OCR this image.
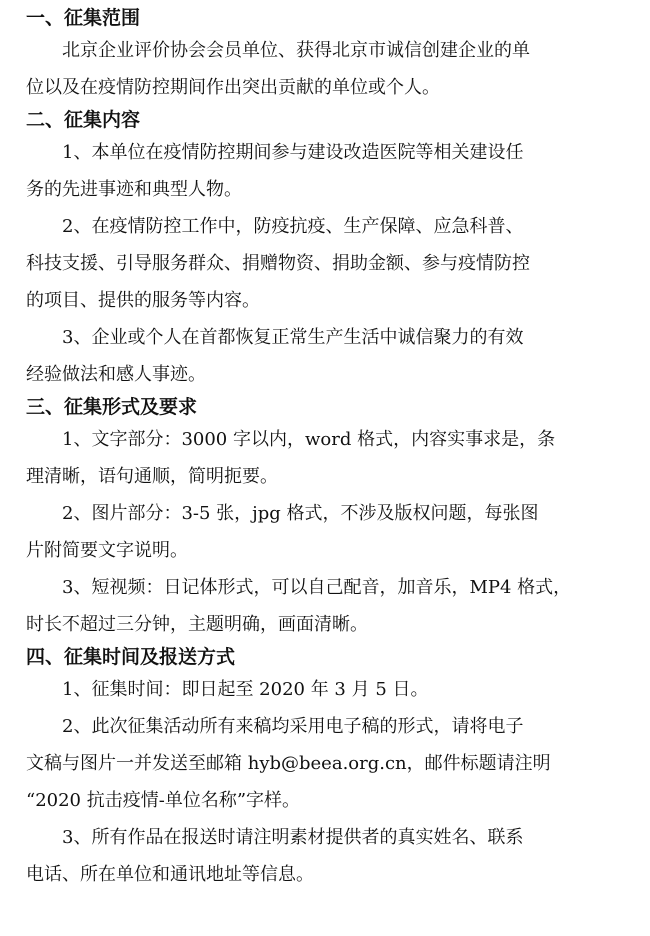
一、征集范围
北京企业评价协会会员单位、获得北京市诚信创建企业的单
位以及在疫情防控期间作出突出贡献的单位或个人。
二、征集内容
1、本单位在疫情防控期间参与建设改造医院等相关建设任
务的先进事迹和典型人物。
2、在疫情防控工作中，防疫抗疫、生产保障、应急科普、
科技支援、引导服务群众、捐赠物资、捐助金额、参与疫情防控
的项目、提供的服务等内容。
3、企业或个人在首都恢复正常生产生活中诚信聚力的有效
经验做法和感人事迹。
三、征集形式及要求
1、文字部分：3000 字以内，word 格式，内容实事求是，条
理清晰，语句通顺，简明扼要。
2、图片部分：3-5 张，jpg 格式，不涉及版权问题，每张图
片附简要文字说明。
3、短视频：日记体形式，可以自己配音，加音乐，MP4 格式，
时长不超过三分钟，主题明确，画面清晰。
四、征集时间及报送方式
1、征集时间：即日起至 2020 年 3 月 5 日。
2、此次征集活动所有来稿均采用电子稿的形式，请将电子
文稿与图片一并发送至邮箱 hyb@beea.org.cn，邮件标题请注明
“2020 抗击疫情-单位名称”字样。
3、所有作品在报送时请注明素材提供者的真实姓名、联系
电话、所在单位和通讯地址等信息。
